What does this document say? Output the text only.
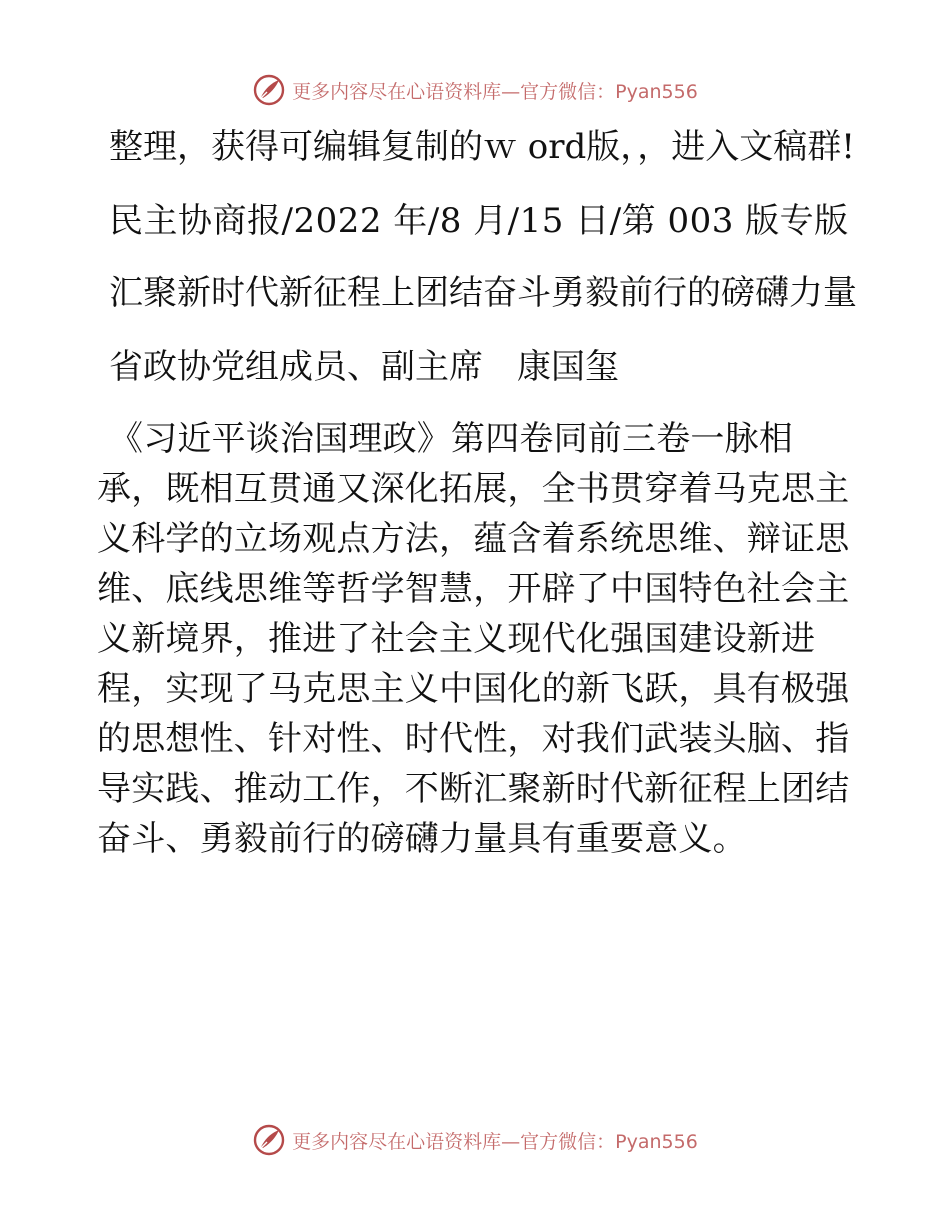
更多内容尽在心语资料库—官方微信：Pyan556

整理，获得可编辑复制的ｗ ord版，，进入文稿群!

民主协商报/2022 年/8 月/15 日/第 003 版专版

汇聚新时代新征程上团结奋斗勇毅前行的磅礴力量

省政协党组成员、副主席　康国玺

《习近平谈治国理政》第四卷同前三卷一脉相承，既相互贯通又深化拓展，全书贯穿着马克思主义科学的立场观点方法，蕴含着系统思维、辩证思维、底线思维等哲学智慧，开辟了中国特色社会主义新境界，推进了社会主义现代化强国建设新进程，实现了马克思主义中国化的新飞跃，具有极强的思想性、针对性、时代性，对我们武装头脑、指导实践、推动工作，不断汇聚新时代新征程上团结奋斗、勇毅前行的磅礴力量具有重要意义。

更多内容尽在心语资料库—官方微信：Pyan556
